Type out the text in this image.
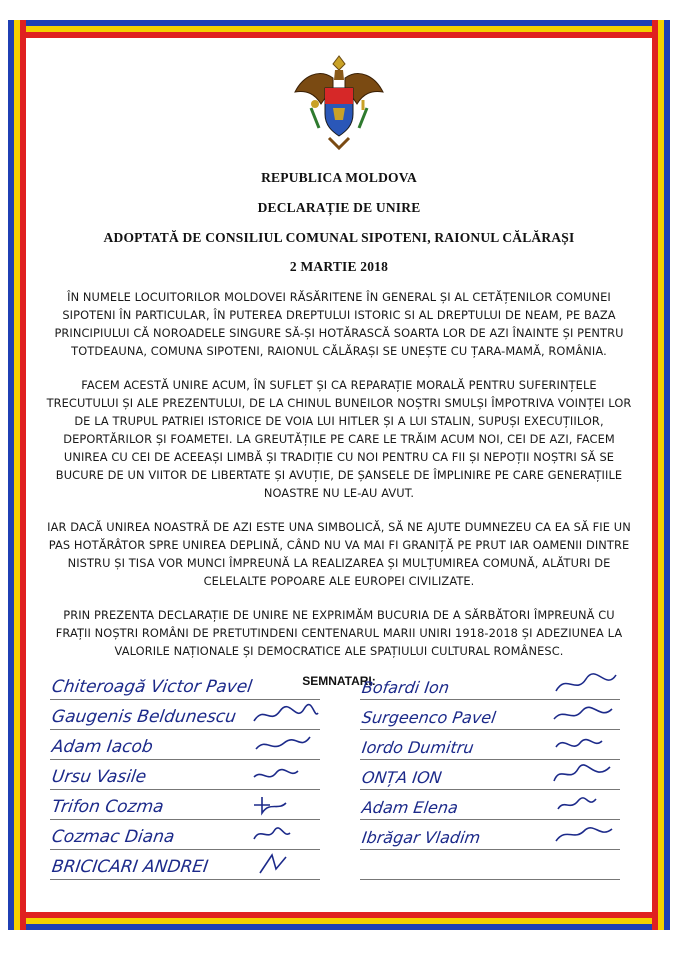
REPUBLICA MOLDOVA
DECLARAȚIE DE UNIRE
ADOPTATĂ DE CONSILIUL COMUNAL SIPOTENI, RAIONUL CĂLĂRAȘI
2 MARTIE 2018

ÎN NUMELE LOCUITORILOR MOLDOVEI RĂSĂRITENE ÎN GENERAL ȘI AL CETĂȚENILOR COMUNEI SIPOTENI ÎN PARTICULAR, ÎN PUTEREA DREPTULUI ISTORIC SI AL DREPTULUI DE NEAM, PE BAZA PRINCIPIULUI CĂ NOROADELE SINGURE SĂ-ȘI HOTĂRASCĂ SOARTA LOR DE AZI ÎNAINTE ȘI PENTRU TOTDEAUNA, COMUNA SIPOTENI, RAIONUL CĂLĂRAȘI SE UNEȘTE CU ȚARA-MAMĂ, ROMÂNIA.

FACEM ACESTĂ UNIRE ACUM, ÎN SUFLET ȘI CA REPARAȚIE MORALĂ PENTRU SUFERINȚELE TRECUTULUI ȘI ALE PREZENTULUI, DE LA CHINUL BUNEILOR NOȘTRI SMULȘI ÎMPOTRIVA VOINȚEI LOR DE LA TRUPUL PATRIEI ISTORICE DE VOIA LUI HITLER ȘI A LUI STALIN, SUPUȘI EXECUȚIILOR, DEPORTĂRILOR ȘI FOAMETEI. LA GREUTĂȚILE PE CARE LE TRĂIM ACUM NOI, CEI DE AZI, FACEM UNIREA CU CEI DE ACEEAȘI LIMBĂ ȘI TRADIȚIE CU NOI PENTRU CA FII ȘI NEPOȚII NOȘTRI SĂ SE BUCURE DE UN VIITOR DE LIBERTATE ȘI AVUȚIE, DE ȘANSELE DE ÎMPLINIRE PE CARE GENERAȚIILE NOASTRE NU LE-AU AVUT.

IAR DACĂ UNIREA NOASTRĂ DE AZI ESTE UNA SIMBOLICĂ, SĂ NE AJUTE DUMNEZEU CA EA SĂ FIE UN PAS HOTĂRÂTOR SPRE UNIREA DEPLINĂ, CÂND NU VA MAI FI GRANIȚĂ PE PRUT IAR OAMENII DINTRE NISTRU ȘI TISA VOR MUNCI ÎMPREUNĂ LA REALIZAREA ȘI MULȚUMIREA COMUNĂ, ALĂTURI DE CELELALTE POPOARE ALE EUROPEI CIVILIZATE.

PRIN PREZENTA DECLARAȚIE DE UNIRE NE EXPRIMĂM BUCURIA DE A SĂRBĂTORI ÎMPREUNĂ CU FRAȚII NOȘTRI ROMÂNI DE PRETUTINDENI CENTENARUL MARII UNIRI 1918-2018 ȘI ADEZIUNEA LA VALORILE NAȚIONALE ȘI DEMOCRATICE ALE SPAȚIULUI CULTURAL ROMÂNESC.

SEMNATARI:
Chiteroagă Victor Pavel
Gaugenis Beldunescu
Adam Iacob
Ursu Vasile
Trifon Cozma
Cozmac Diana
BRICICARI ANDREI
Bofardi Ion
Surgeenco Pavel
Iordo Dumitru
ONȚA ION
Adam Elena
Ibrăgar Vladim
